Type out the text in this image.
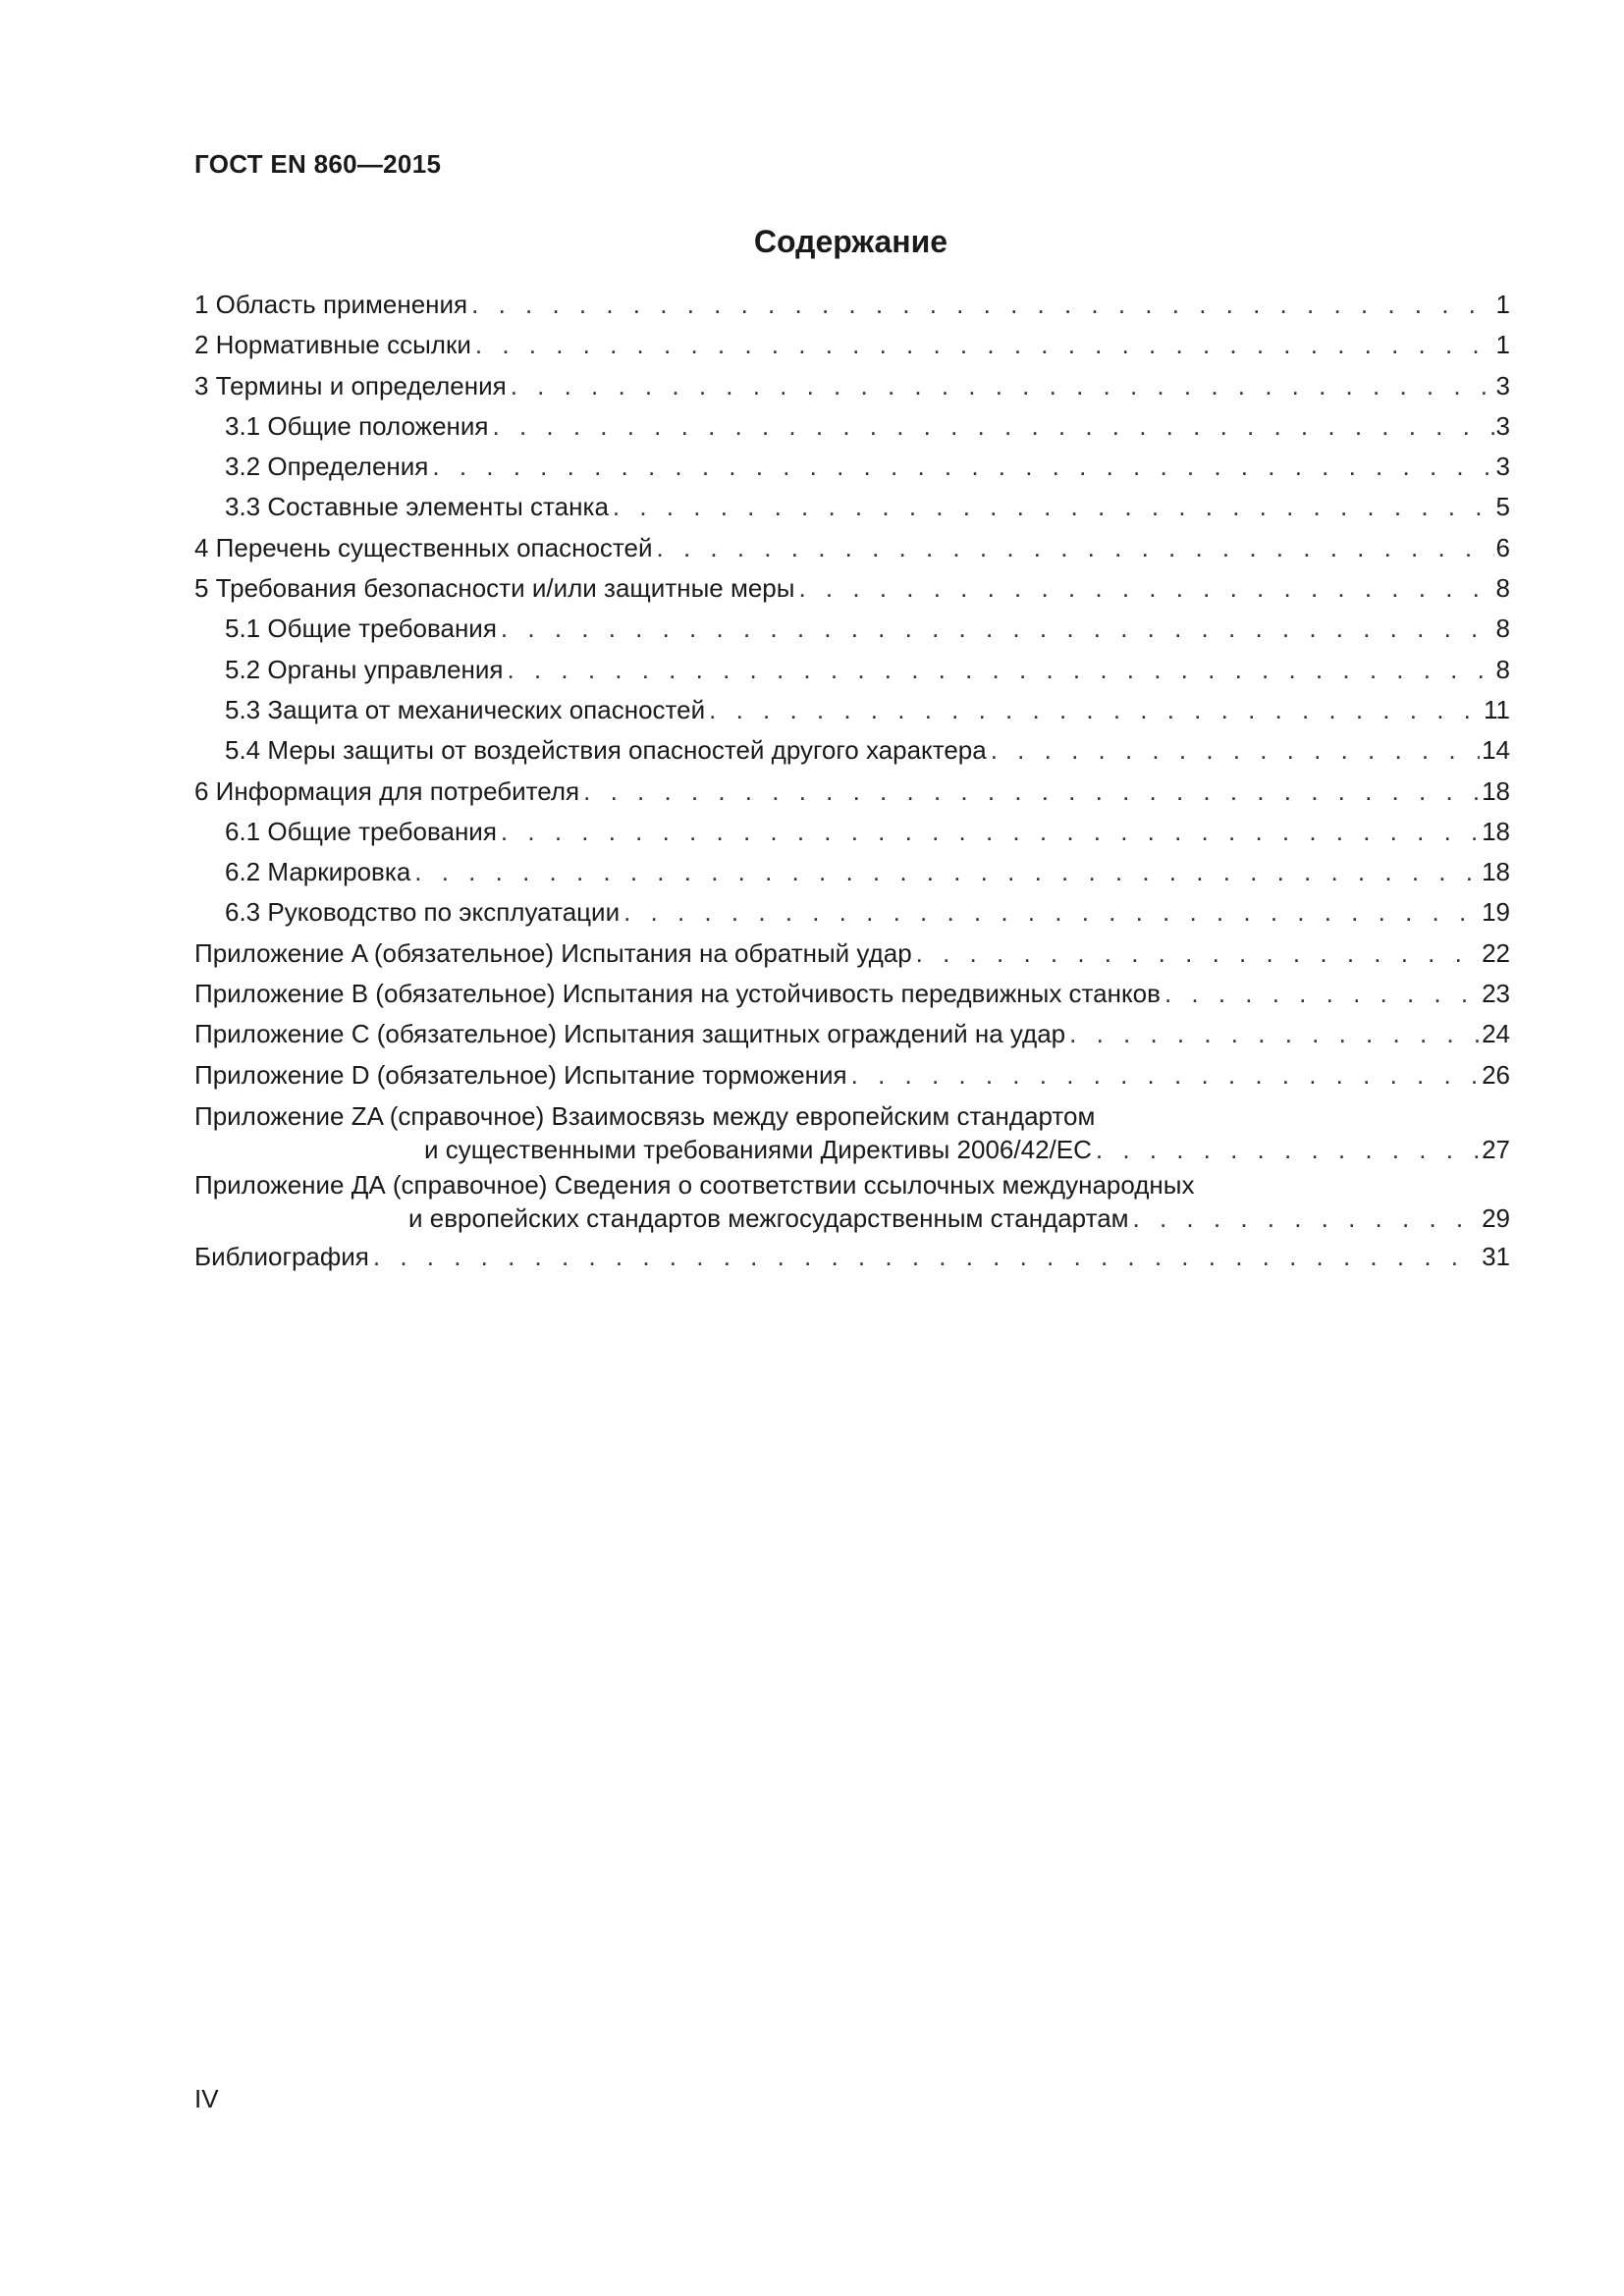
ГОСТ EN 860—2015
Содержание
1 Область применения . . .	1
2 Нормативные ссылки . . .	1
3 Термины и определения . . .	3
3.1 Общие положения . . .	3
3.2 Определения . . .	3
3.3 Составные элементы станка . . .	5
4 Перечень существенных опасностей . . .	6
5 Требования безопасности и/или защитные меры . . .	8
5.1 Общие требования . . .	8
5.2 Органы управления . . .	8
5.3 Защита от механических опасностей . . .	11
5.4 Меры защиты от воздействия опасностей другого характера . . .	14
6 Информация для потребителя . . .	18
6.1 Общие требования . . .	18
6.2 Маркировка . . .	18
6.3 Руководство по эксплуатации . . .	19
Приложение A (обязательное) Испытания на обратный удар . . .	22
Приложение B (обязательное) Испытания на устойчивость передвижных станков . . .	23
Приложение C (обязательное) Испытания защитных ограждений на удар . . .	24
Приложение D (обязательное) Испытание торможения . . .	26
Приложение ZA (справочное) Взаимосвязь между европейским стандартом
и существенными требованиями Директивы 2006/42/ЕС . . .	27
Приложение ДА (справочное) Сведения о соответствии ссылочных международных
и европейских стандартов межгосударственным стандартам . . .	29
Библиография . . .	31
IV
